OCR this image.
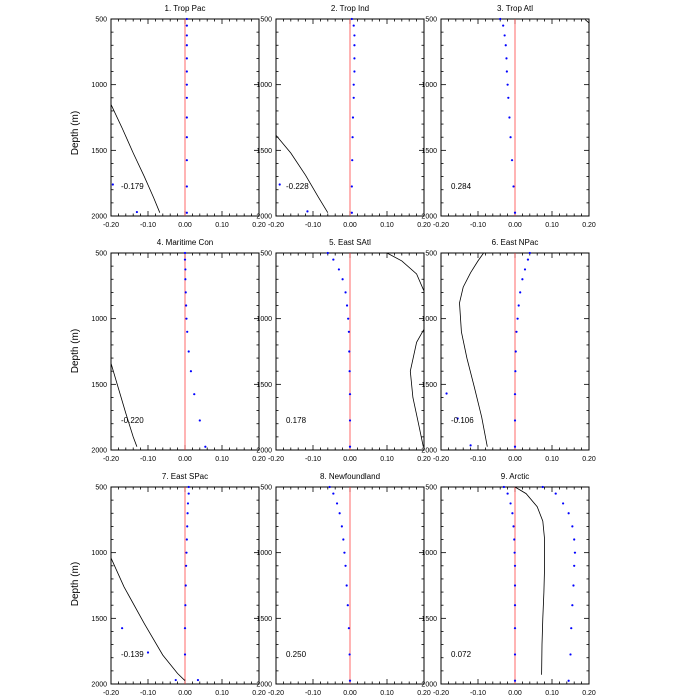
Depth (m)
Depth (m)
Depth (m)
-0.20	-0.10	0.00	0.10	0.20
500
1000
1500
2000
1. Trop Pac
-0.179
-0.20	-0.10	0.00	0.10	0.20
500
1000
1500
2000
2. Trop Ind
-0.228
-0.20	-0.10	0.00	0.10	0.20
500
1000
1500
2000
3. Trop Atl
0.284
-0.20	-0.10	0.00	0.10	0.20
500
1000
1500
2000
4. Maritime Con
-0.220
-0.20	-0.10	0.00	0.10	0.20
500
1000
1500
2000
5. East SAtl
0.178
-0.20	-0.10	0.00	0.10	0.20
500
1000
1500
2000
6. East NPac
-0.106
-0.20	-0.10	0.00	0.10	0.20
500
1000
1500
2000
7. East SPac
-0.139
-0.20	-0.10	0.00	0.10	0.20
500
1000
1500
2000
8. Newfoundland
0.250
-0.20	-0.10	0.00	0.10	0.20
500
1000
1500
2000
9. Arctic
0.072
